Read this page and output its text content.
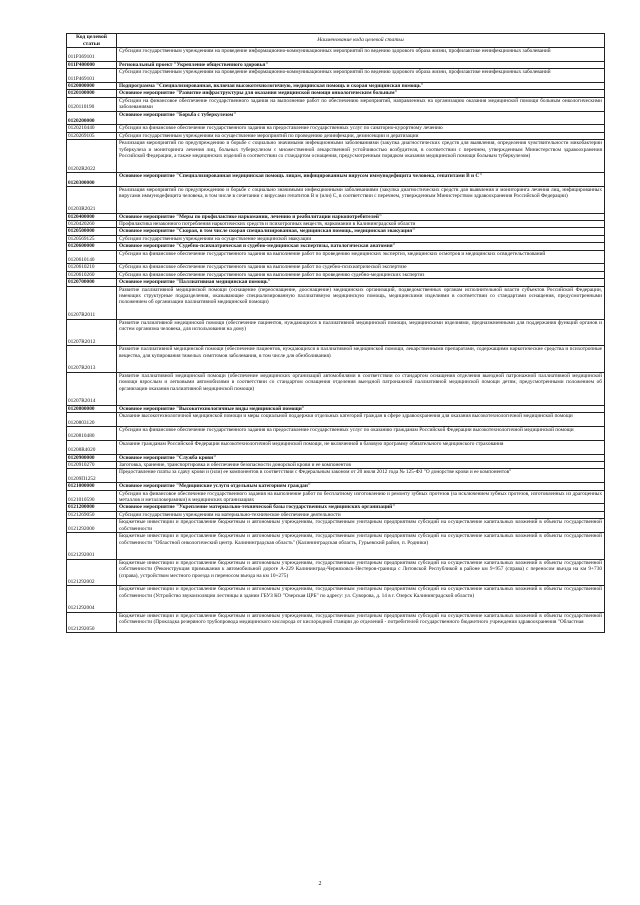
Код целевой статьи	Наименование кода целевой статьи
011P369101	Субсидии государственным учреждениям на проведение информационно-коммуникационных мероприятий по ведению здорового образа жизни, профилактике неинфекционных заболеваний
011P400000	Региональный проект "Укрепление общественного здоровья"
011P469101	Субсидии государственным учреждениям на проведение информационно-коммуникационных мероприятий по ведению здорового образа жизни, профилактике неинфекционных заболеваний
0120000000	Подпрограмма "Специализированная, включая высокотехнологичную, медицинская помощь и скорая медицинская помощь"
0120100000	Основное мероприятие "Развитие инфраструктуры для оказания медицинской помощи онкологическим больным"
0120110190	Субсидии на финансовое обеспечение государственного задания на выполнение работ по обеспечению мероприятий, направленных на организацию оказания медицинской помощи больным онкологическими заболеваниями
0120200000	Основное мероприятие "Борьба с туберкулезом"
0120210440	Субсидии на финансовое обеспечение государственного задания на предоставление государственных услуг по санаторно-курортному лечению
0120269105	Субсидии государственным учреждениям на осуществление мероприятий по проведению дезинфекции, дезинсекции и дератизации
01202R2022	Реализация мероприятий по предупреждению и борьбе с социально значимыми инфекционными заболеваниями (закупка диагностических средств для выявления, определения чувствительности микобактерии туберкулеза и мониторинга лечения лиц, больных туберкулезом с множественной лекарственной устойчивостью возбудителя, в соответствии с перечнем, утвержденным Министерством здравоохранения Российской Федерации, а также медицинских изделий в соответствии со стандартом оснащения, предусмотренным порядком оказания медицинской помощи больным туберкулезом)
0120300000	Основное мероприятие "Специализированная медицинская помощь лицам, инфицированным вирусом иммунодефицита человека, гепатитами В и С"
01203R2021	Реализация мероприятий по предупреждению и борьбе с социально значимыми инфекционными заболеваниями (закупка диагностических средств для выявления и мониторинга лечения лиц, инфицированных вирусами иммунодефицита человека, в том числе в сочетании с вирусами гепатитов В и (или) С, в соответствии с перечнем, утвержденным Министерством здравоохранения Российской Федерации)
0120400000	Основное мероприятие "Меры по профилактике наркомании, лечению и реабилитации наркопотребителей"
0120420260	Профилактика незаконного потребления наркотических средств и психотропных веществ, наркомании в Калининградской области
0120500000	Основное мероприятие "Скорая, в том числе скорая специализированная, медицинская помощь, медицинская эвакуация"
0120569125	Субсидии государственным учреждениям на осуществление медицинской эвакуации
0120600000	Основное мероприятие "Судебно-психиатрическая и судебно-медицинская экспертизы, патологическая анатомия"
0120610140	Субсидии на финансовое обеспечение государственного задания на выполнение работ по проведению медицинских экспертиз, медицинских осмотров и медицинских освидетельствований
0120610210	Субсидии на финансовое обеспечение государственного задания на выполнение работ по судебно-психиатрической экспертизе
0120610260	Субсидии на финансовое обеспечение государственного задания на выполнение работ по проведению судебно-медицинских экспертиз
0120700000	Основное мероприятие "Паллиативная медицинская помощь"
01207R2011	Развитие паллиативной медицинской помощи (оснащение (переоснащение, дооснащение) медицинских организаций, подведомственных органам исполнительной власти субъектов Российской Федерации, имеющих структурные подразделения, оказывающие специализированную паллиативную медицинскую помощь, медицинскими изделиями в соответствии со стандартами оснащения, предусмотренными положением об организации паллиативной медицинской помощи)
01207R2012	Развитие паллиативной медицинской помощи (обеспечение пациентов, нуждающихся в паллиативной медицинской помощи, медицинскими изделиями, предназначенными для поддержания функций органов и систем организма человека, для использования на дому)
01207R2013	Развитие паллиативной медицинской помощи (обеспечение пациентов, нуждающихся в паллиативной медицинской помощи, лекарственными препаратами, содержащими наркотические средства и психотропные вещества, для купирования тяжелых симптомов заболевания, в том числе для обезболивания)
01207R2014	Развитие паллиативной медицинской помощи (обеспечение медицинских организаций автомобилями в соответствии со стандартом оснащения отделения выездной патронажной паллиативной медицинской помощи взрослым и легковыми автомобилями в соответствии со стандартом оснащения отделения выездной патронажной паллиативной медицинской помощи детям, предусмотренными положением об организации оказания паллиативной медицинской помощи)
0120800000	Основное мероприятие "Высокотехнологичные виды медицинской помощи"
0120803120	Оказание высокотехнологичной медицинской помощи и меры социальной поддержки отдельных категорий граждан в сфере здравоохранения для оказания высокотехнологичной медицинской помощи
0120810480	Субсидии на финансовое обеспечение государственного задания на предоставление государственных услуг по оказанию гражданам Российской Федерации высокотехнологичной медицинской помощи
01208R4020	Оказание гражданам Российской Федерации высокотехнологичной медицинской помощи, не включенной в базовую программу обязательного медицинского страхования
0120900000	Основное мероприятие "Служба крови"
0120910270	Заготовка, хранение, транспортировка и обеспечение безопасности донорской крови и ее компонентов
01209П1252	Предоставление платы за сдачу крови и (или) ее компонентов в соответствии с Федеральным законом от 20 июля 2012 года № 125-ФЗ "О донорстве крови и ее компонентов"
0121000000	Основное мероприятие "Медицинские услуги отдельным категориям граждан"
0121010590	Субсидии на финансовое обеспечение государственного задания на выполнение работ по бесплатному изготовлению и ремонту зубных протезов (за исключением зубных протезов, изготовленных из драгоценных металлов и металлокерамики) в медицинских организациях
0121200000	Основное мероприятие "Укрепление материально-технической базы государственных медицинских организаций"
0121269050	Субсидии государственным учреждениям на материально-техническое обеспечение деятельности
0121292000	Бюджетные инвестиции и предоставление бюджетным и автономным учреждениям, государственным унитарным предприятиям субсидий на осуществление капитальных вложений в объекты государственной собственности
0121292001	Бюджетные инвестиции и предоставление бюджетным и автономным учреждениям, государственным унитарным предприятиям субсидий на осуществление капитальных вложений в объекты государственной собственности "Областной онкологический центр. Калининградская область" (Калининградская область, Гурьевский район, п. Родники)
0121292002	Бюджетные инвестиции и предоставление бюджетным и автономным учреждениям, государственным унитарным предприятиям субсидий на осуществление капитальных вложений в объекты государственной собственности (Реконструкция примыкания к автомобильной дороге А-229 Калининград-Черняховск-Нестеров-граница с Литовской Республикой в районе км 9+957 (справа) с переносом въезда на км 9+730 (справа), устройством местного проезда и переносом въезда на км 10+275)
0121292004	Бюджетные инвестиции и предоставление бюджетным и автономным учреждениям, государственным унитарным предприятиям субсидий на осуществление капитальных вложений в объекты государственной собственности (Устройство звукоизоляции лестницы в здании ГБУЗ КО "Озерская ЦРБ" по адресу: ул. Суворова, д. 14 в г. Озерск Калининградской области)
0121292050	Бюджетные инвестиции и предоставление бюджетным и автономным учреждениям, государственным унитарным предприятиям субсидий на осуществление капитальных вложений в объекты государственной собственности (Прокладка резервного трубопровода медицинского кислорода от кислородной станции до отделений - потребителей государственного бюджетного учреждения здравоохранения "Областная
2
